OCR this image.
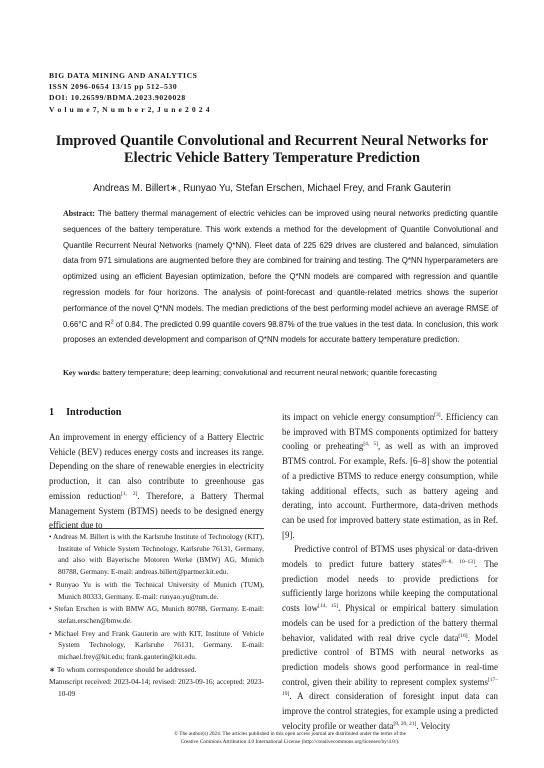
BIG DATA MINING AND ANALYTICS
ISSN 2096-0654 13/15 pp 512–530
DOI: 10.26599/BDMA.2023.9020028
V o l u m e 7, N u m b e r 2, J u n e 2 0 2 4
Improved Quantile Convolutional and Recurrent Neural Networks for
Electric Vehicle Battery Temperature Prediction
Andreas M. Billert∗, Runyao Yu, Stefan Erschen, Michael Frey, and Frank Gauterin
Abstract: The battery thermal management of electric vehicles can be improved using neural networks predicting quantile sequences of the battery temperature. This work extends a method for the development of Quantile Convolutional and Quantile Recurrent Neural Networks (namely Q*NN). Fleet data of 225 629 drives are clustered and balanced, simulation data from 971 simulations are augmented before they are combined for training and testing. The Q*NN hyperparameters are optimized using an efficient Bayesian optimization, before the Q*NN models are compared with regression and quantile regression models for four horizons. The analysis of point-forecast and quantile-related metrics shows the superior performance of the novel Q*NN models. The median predictions of the best performing model achieve an average RMSE of 0.66°C and $R^2$ of 0.84. The predicted 0.99 quantile covers 98.87% of the true values in the test data. In conclusion, this work proposes an extended development and comparison of Q*NN models for accurate battery temperature prediction.
Key words: battery temperature; deep learning; convolutional and recurrent neural network; quantile forecasting
1 Introduction
An improvement in energy efficiency of a Battery Electric Vehicle (BEV) reduces energy costs and increases its range. Depending on the share of renewable energies in electricity production, it can also contribute to greenhouse gas emission reduction[1, 2]. Therefore, a Battery Thermal Management System (BTMS) needs to be designed energy efficient due to

• Andreas M. Billert is with the Karlsruhe Institute of Technology (KIT), Institute of Vehicle System Technology, Karlsruhe 76131, Germany, and also with Bayerische Motoren Werke (BMW) AG, Munich 80788, Germany. E-mail: andreas.billert@partner.kit.edu.

• Runyao Yu is with the Technical University of Munich (TUM), Munich 80333, Germany. E-mail: runyao.yu@tum.de.

• Stefan Erschen is with BMW AG, Munich 80788, Germany. E-mail: stefan.erschen@bmw.de.

• Michael Frey and Frank Gauterin are with KIT, Institute of Vehicle System Technology, Karlsruhe 76131, Germany. E-mail: michael.frey@kit.edu; frank.gauterin@kit.edu.

∗ To whom correspondence should be addressed.

Manuscript received: 2023-04-14; revised: 2023-09-16; accepted: 2023-10-09

its impact on vehicle energy consumption[3]. Efficiency can be improved with BTMS components optimized for battery cooling or preheating[4, 5], as well as with an improved BTMS control. For example, Refs. [6–8] show the potential of a predictive BTMS to reduce energy consumption, while taking additional effects, such as battery ageing and derating, into account. Furthermore, data-driven methods can be used for improved battery state estimation, as in Ref. [9].
Predictive control of BTMS uses physical or data-driven models to predict future battery states[6–8, 10–13]. The prediction model needs to provide predictions for sufficiently large horizons while keeping the computational costs low[14, 15]. Physical or empirical battery simulation models can be used for a prediction of the battery thermal behavior, validated with real drive cycle data[16]. Model predictive control of BTMS with neural networks as prediction models shows good performance in real-time control, given their ability to represent complex systems[17–19]. A direct consideration of foresight input data can improve the control strategies, for example using a predicted velocity profile or weather data[8, 20, 21]. Velocity
© The author(s) 2024. The articles published in this open access journal are distributed under the terms of the
Creative Commons Attribution 4.0 International License (http://creativecommons.org/licenses/by/4.0/).
